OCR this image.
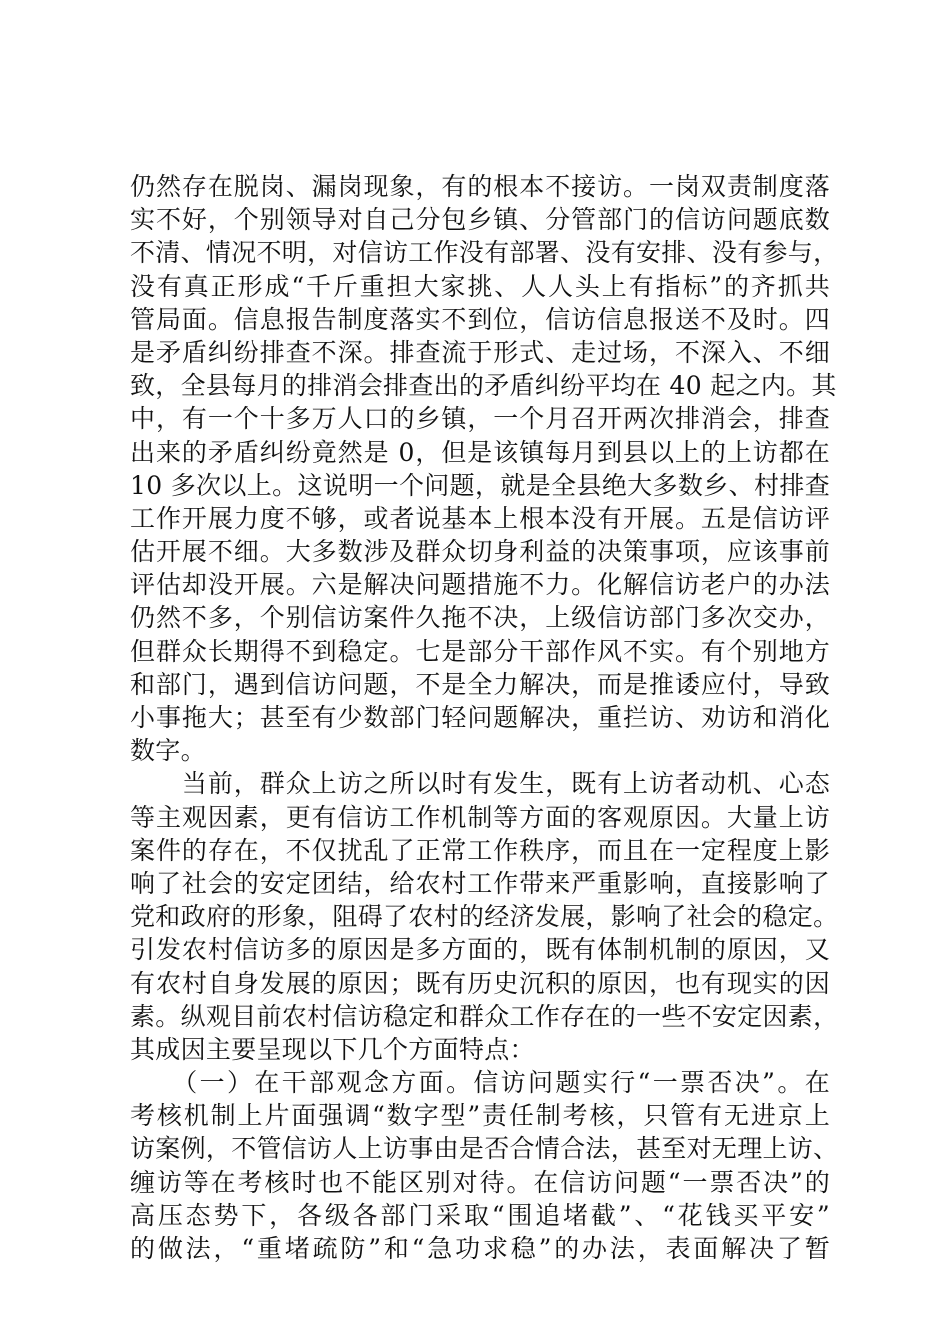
仍然存在脱岗、漏岗现象，有的根本不接访。一岗双责制度落
实不好，个别领导对自己分包乡镇、分管部门的信访问题底数
不清、情况不明，对信访工作没有部署、没有安排、没有参与，
没有真正形成“千斤重担大家挑、人人头上有指标”的齐抓共
管局面。信息报告制度落实不到位，信访信息报送不及时。四
是矛盾纠纷排查不深。排查流于形式、走过场，不深入、不细
致，全县每月的排消会排查出的矛盾纠纷平均在 40 起之内。其
中，有一个十多万人口的乡镇，一个月召开两次排消会，排查
出来的矛盾纠纷竟然是 0，但是该镇每月到县以上的上访都在
10 多次以上。这说明一个问题，就是全县绝大多数乡、村排查
工作开展力度不够，或者说基本上根本没有开展。五是信访评
估开展不细。大多数涉及群众切身利益的决策事项，应该事前
评估却没开展。六是解决问题措施不力。化解信访老户的办法
仍然不多，个别信访案件久拖不决，上级信访部门多次交办，
但群众长期得不到稳定。七是部分干部作风不实。有个别地方
和部门，遇到信访问题，不是全力解决，而是推诿应付，导致
小事拖大；甚至有少数部门轻问题解决，重拦访、劝访和消化
数字。
　　当前，群众上访之所以时有发生，既有上访者动机、心态
等主观因素，更有信访工作机制等方面的客观原因。大量上访
案件的存在，不仅扰乱了正常工作秩序，而且在一定程度上影
响了社会的安定团结，给农村工作带来严重影响，直接影响了
党和政府的形象，阻碍了农村的经济发展，影响了社会的稳定。
引发农村信访多的原因是多方面的，既有体制机制的原因，又
有农村自身发展的原因；既有历史沉积的原因，也有现实的因
素。纵观目前农村信访稳定和群众工作存在的一些不安定因素，
其成因主要呈现以下几个方面特点：
　　（一）在干部观念方面。信访问题实行“一票否决”。在
考核机制上片面强调“数字型”责任制考核，只管有无进京上
访案例，不管信访人上访事由是否合情合法，甚至对无理上访、
缠访等在考核时也不能区别对待。在信访问题“一票否决”的
高压态势下，各级各部门采取“围追堵截”、“花钱买平安”
的做法，“重堵疏防”和“急功求稳”的办法，表面解决了暂
